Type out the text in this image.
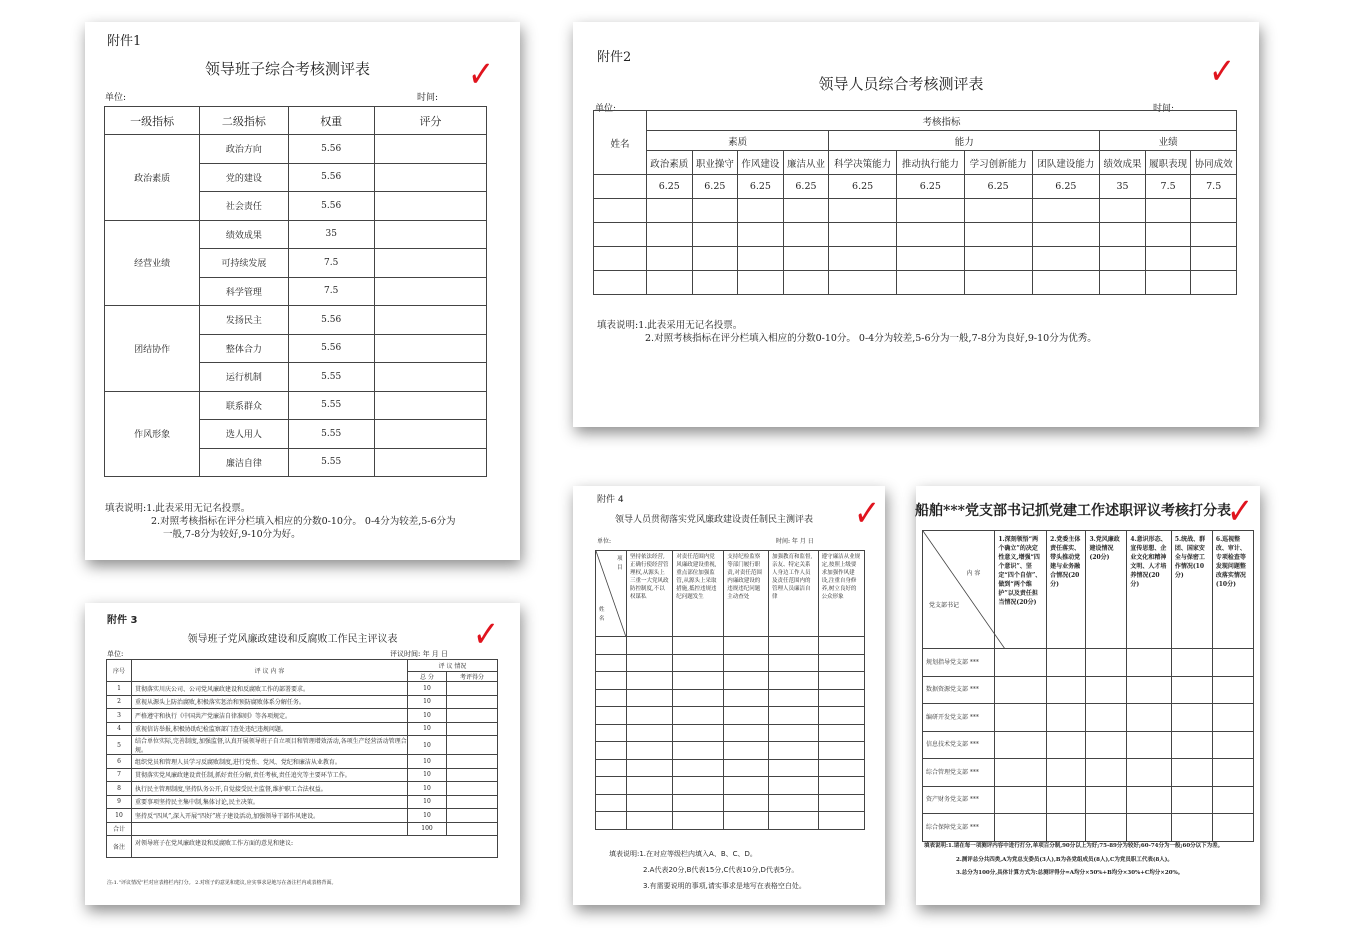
附件1
领导班子综合考核测评表	✓
单位:	时间:
一级指标	二级指标	权重	评分
政治素质	政治方向	5.56	
	党的建设	5.56	
	社会责任	5.56	
经营业绩	绩效成果	35	
	可持续发展	7.5	
	科学管理	7.5	
团结协作	发扬民主	5.56	
	整体合力	5.56	
	运行机制	5.55	
作风形象	联系群众	5.55	
	选人用人	5.55	
	廉洁自律	5.55	
填表说明:1.此表采用无记名投票。
2.对照考核指标在评分栏填入相应的分数0-10分。 0-4分为较差,5-6分为
一般,7-8分为较好,9-10分为好。
附件2
领导人员综合考核测评表	✓
单位:	时间:
姓名	考核指标										
	素质				能力				业绩		
	政治素质	职业操守	作风建设	廉洁从业	科学决策能力	推动执行能力	学习创新能力	团队建设能力	绩效成果	履职表现	协同成效
	6.25	6.25	6.25	6.25	6.25	6.25	6.25	6.25	35	7.5	7.5

填表说明:1.此表采用无记名投票。
2.对照考核指标在评分栏填入相应的分数0-10分。 0-4分为较差,5-6分为一般,7-8分为良好,9-10分为优秀。
附件 3
领导班子党风廉政建设和反腐败工作民主评议表	✓
单位:	评议时间: 年 月 日
序号	评 议 内 容	评 议 情况	
		总 分	考评得分
1	贯彻落实川庆公司、公司党风廉政建设和反腐败工作的部署要求。	10	
2	重视从源头上防治腐败,积极落实惩治和预防腐败体系分解任务。	10	
3	严格遵守和执行《中国共产党廉洁自律准则》等各项规定。	10	
4	重视信访举报,积极协助纪检监察部门查处违纪违规问题。	10	
5	结合单位实际,完善制度,加强监督,认真开展领导班子自立项目和管理增效活动,各项生产经营活动管理合规。	10	
6	组织党员和管理人员学习反腐败制度,进行党性、党风、党纪和廉洁从业教育。	10	
7	贯彻落实党风廉政建设责任制,抓好责任分解,责任考核,责任追究等主要环节工作。	10	
8	执行民主管理制度,坚持队务公开,自觉接受民主监督,维护职工合法权益。	10	
9	重要事项坚持民主集中制,集体讨论,民主决策。	10	
10	坚持反“四风”,深入开展“四好”班子建设活动,加强领导干部作风建设。	10	
合计		100	
备注	对领导班子在党风廉政建设和反腐败工作方面的意见和建议:		
注:1.“评议情况”栏对应表格栏内打分。 2.对班子的意见和建议,应实事求是地写在备注栏内或表格背面。
附件 4
领导人员贯彻落实党风廉政建设责任制民主测评表	✓
单位:	时间: 年 月 日
项目
姓名	坚持依法经营,正确行使经营管理权,从源头上三重一大党风政防控制度,不以权谋私	对责任范围内党风廉政建设重视,重点部位加强监管,从源头上采取措施,抵控违规违纪问题发生	支持纪检监察等部门履行职责,对责任范围内廉政建设的违规违纪问题主动查处	加强教育和监督,亲友、特定关系人身边工作人员及责任范围内的管理人员廉洁自律	遵守廉洁从业规定,按照上级要求加强作风建设,注重自身修养,树立良好的公众形象

填表说明:1.在对应等级栏内填入A、B、C、D。
2.A代表20分,B代表15分,C代表10分,D代表5分。
3.有需要说明的事项,请实事求是地写在表格空白处。
船舶***党支部书记抓党建工作述职评议考核打分表
✓
内 容
党支部书记	1.深刻领悟“两个确立”的决定性意义,增强“四个意识”、坚定“四个自信”、做到“两个维护”以及责任担当情况(20分)	2.党委主体责任落实、带头推动党建与业务融合情况(20分)	3.党风廉政建设情况(20分)	4.意识形态、宣传思想、企业文化和精神文明、人才培养情况(20分)	5.统战、群团、国家安全与保密工作情况(10分)	6.巡视整改、审计、专项检查等发现问题整改落实情况(10分)
规划指导党支部 ***						
数据资源党支部 ***						
编研开发党支部 ***						
信息技术党支部 ***						
综合管理党支部 ***						
资产财务党支部 ***						
综合保障党支部 ***						
填表说明:1.请在每一项测评内容中进行打分,单项百分制,90分以上为好;75-89分为较好;60-74分为一般;60分以下为差。
2.测评总分共四类,A为党总支委员(3人),B为各党组成员(8人),C为党员职工代表(8人)。
3.总分为100分,具体计算方式为:总测评得分=A均分×50%+B均分×30%+C均分×20%。
